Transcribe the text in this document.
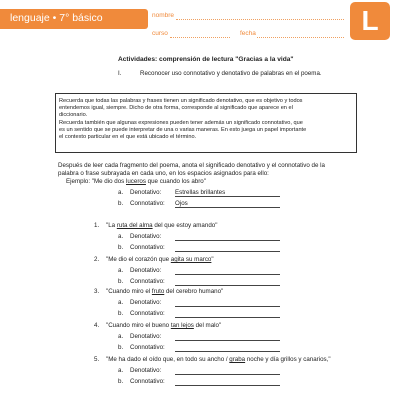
lenguaje • 7° básico	nombre
curso	fecha	L
Actividades: comprensión de lectura "Gracias a la vida"
I.	Reconocer uso connotativo y denotativo de palabras en el poema.
Recuerda que todas las palabras y frases tienen un significado denotativo, que es objetivo y todos
entendemos igual, siempre. Dicho de otra forma, corresponde al significado que aparece en el
diccionario.
Recuerda también que algunas expresiones pueden tener además un significado connotativo, que
es un sentido que se puede interpretar de una o varias maneras. En esto juega un papel importante
el contexto particular en el que está ubicado el término.
Después de leer cada fragmento del poema, anota el significado denotativo y el connotativo de la
palabra o frase subrayada en cada uno, en los espacios asignados para ello:
Ejemplo: "Me dio dos luceros que cuando los abro"
a. Denotativo: Estrellas brillantes
b. Connotativo: Ojos
1. "La ruta del alma del que estoy amando"
a. Denotativo:
b. Connotativo:
2. "Me dio el corazón que agita su marco"
a. Denotativo:
b. Connotativo:
3. "Cuando miro el fruto del cerebro humano"
a. Denotativo:
b. Connotativo:
4. "Cuando miro el bueno tan lejos del malo"
a. Denotativo:
b. Connotativo:
5. "Me ha dado el oído que, en todo su ancho / graba noche y día grillos y canarios,"
a. Denotativo:
b. Connotativo:
